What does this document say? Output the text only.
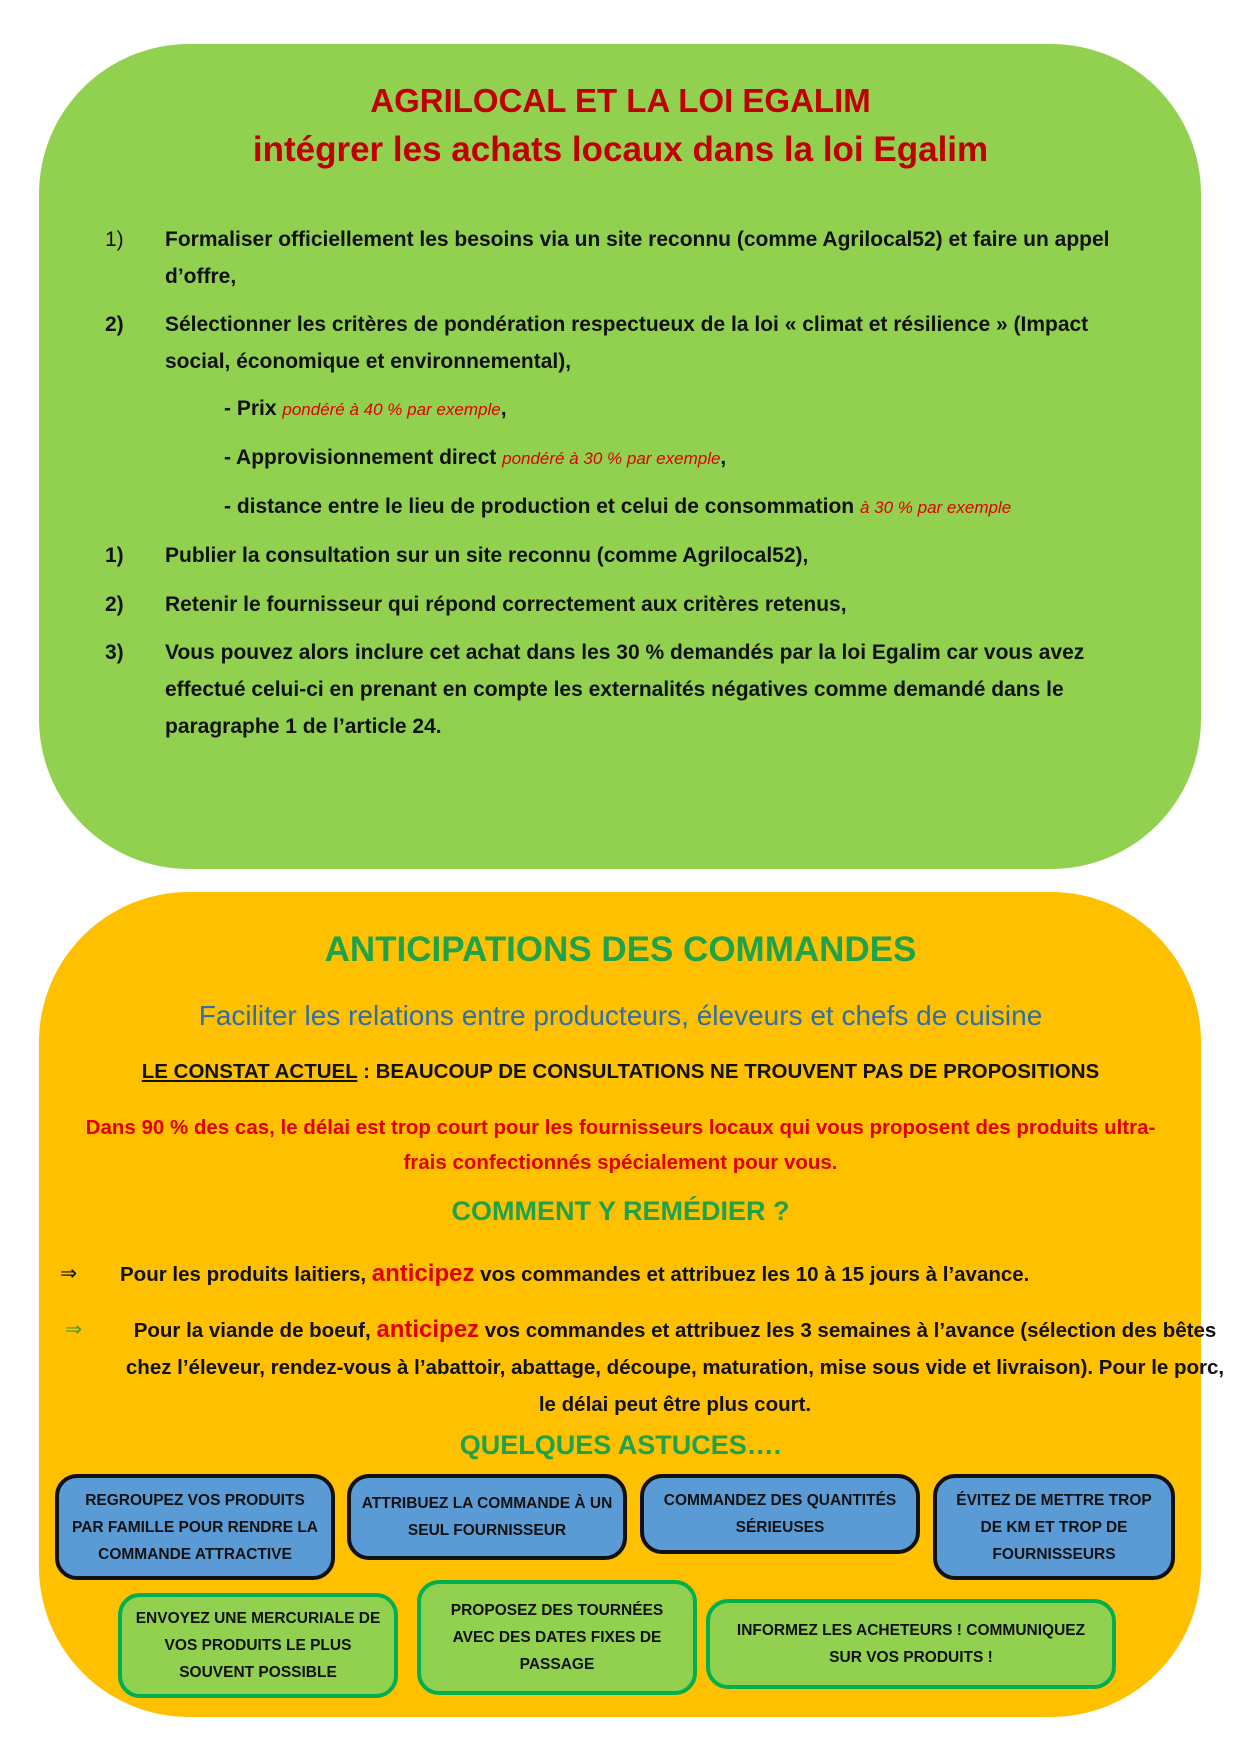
AGRILOCAL ET LA LOI EGALIM
intégrer les achats locaux dans la loi Egalim
1)	Formaliser officiellement les besoins via un site reconnu (comme Agrilocal52) et faire un appel d’offre,
2)	Sélectionner les critères de pondération respectueux de la loi « climat et résilience » (Impact social, économique et environnemental),
- Prix pondéré à 40 % par exemple,
- Approvisionnement direct pondéré à 30 % par exemple,
- distance entre le lieu de production et celui de consommation à 30 % par exemple
1)	Publier la consultation sur un site reconnu (comme Agrilocal52),
2)	Retenir le fournisseur qui répond correctement aux critères retenus,
3)	Vous pouvez alors inclure cet achat dans les 30 % demandés par la loi Egalim car vous avez effectué celui-ci en prenant en compte les externalités négatives comme demandé dans le paragraphe 1 de l’article 24.
ANTICIPATIONS DES COMMANDES
Faciliter les relations entre producteurs, éleveurs et chefs de cuisine
LE CONSTAT ACTUEL : BEAUCOUP DE CONSULTATIONS NE TROUVENT PAS DE PROPOSITIONS
Dans 90 % des cas, le délai est trop court pour les fournisseurs locaux qui vous proposent des produits ultra-frais confectionnés spécialement pour vous.
COMMENT Y REMÉDIER ?
⇒ Pour les produits laitiers, anticipez vos commandes et attribuez les 10 à 15 jours à l’avance.
⇒	Pour la viande de boeuf, anticipez vos commandes et attribuez les 3 semaines à l’avance (sélection des bêtes chez l’éleveur, rendez-vous à l’abattoir, abattage, découpe, maturation, mise sous vide et livraison). Pour le porc, le délai peut être plus court.
QUELQUES ASTUCES….
REGROUPEZ VOS PRODUITS PAR FAMILLE POUR RENDRE LA COMMANDE ATTRACTIVE
ATTRIBUEZ LA COMMANDE À UN SEUL FOURNISSEUR
COMMANDEZ DES QUANTITÉS SÉRIEUSES
ÉVITEZ DE METTRE TROP DE KM ET TROP DE FOURNISSEURS
ENVOYEZ UNE MERCURIALE DE VOS PRODUITS LE PLUS SOUVENT POSSIBLE
PROPOSEZ DES TOURNÉES AVEC DES DATES FIXES DE PASSAGE
INFORMEZ LES ACHETEURS ! COMMUNIQUEZ SUR VOS PRODUITS !
